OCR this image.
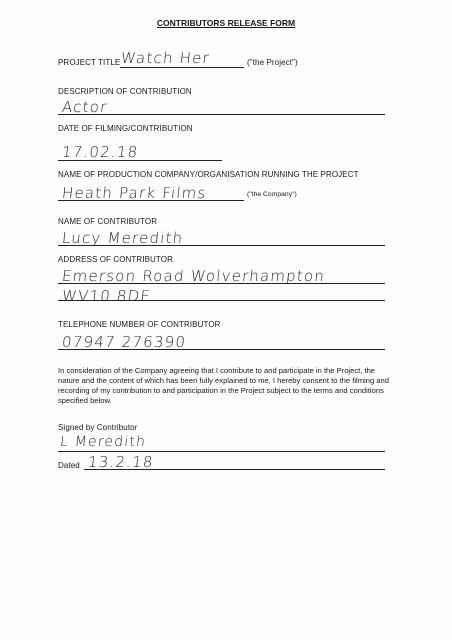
CONTRIBUTORS RELEASE FORM
PROJECT TITLE Watch Her	("the Project")
DESCRIPTION OF CONTRIBUTION
Actor
DATE OF FILMING/CONTRIBUTION
17.02.18
NAME OF PRODUCTION COMPANY/ORGANISATION RUNNING THE PROJECT
Heath Park Films	("the Company")
NAME OF CONTRIBUTOR
Lucy Meredith
ADDRESS OF CONTRIBUTOR
Emerson Road Wolverhampton
WV10 8DE
TELEPHONE NUMBER OF CONTRIBUTOR
07947 276390
In consideration of the Company agreeing that I contribute to and participate in the Project, the nature and the content of which has been fully explained to me, I hereby consent to the filming and recording of my contribution to and participation in the Project subject to the terms and conditions specified below.
Signed by Contributor
L Meredith
Dated 13.2.18
